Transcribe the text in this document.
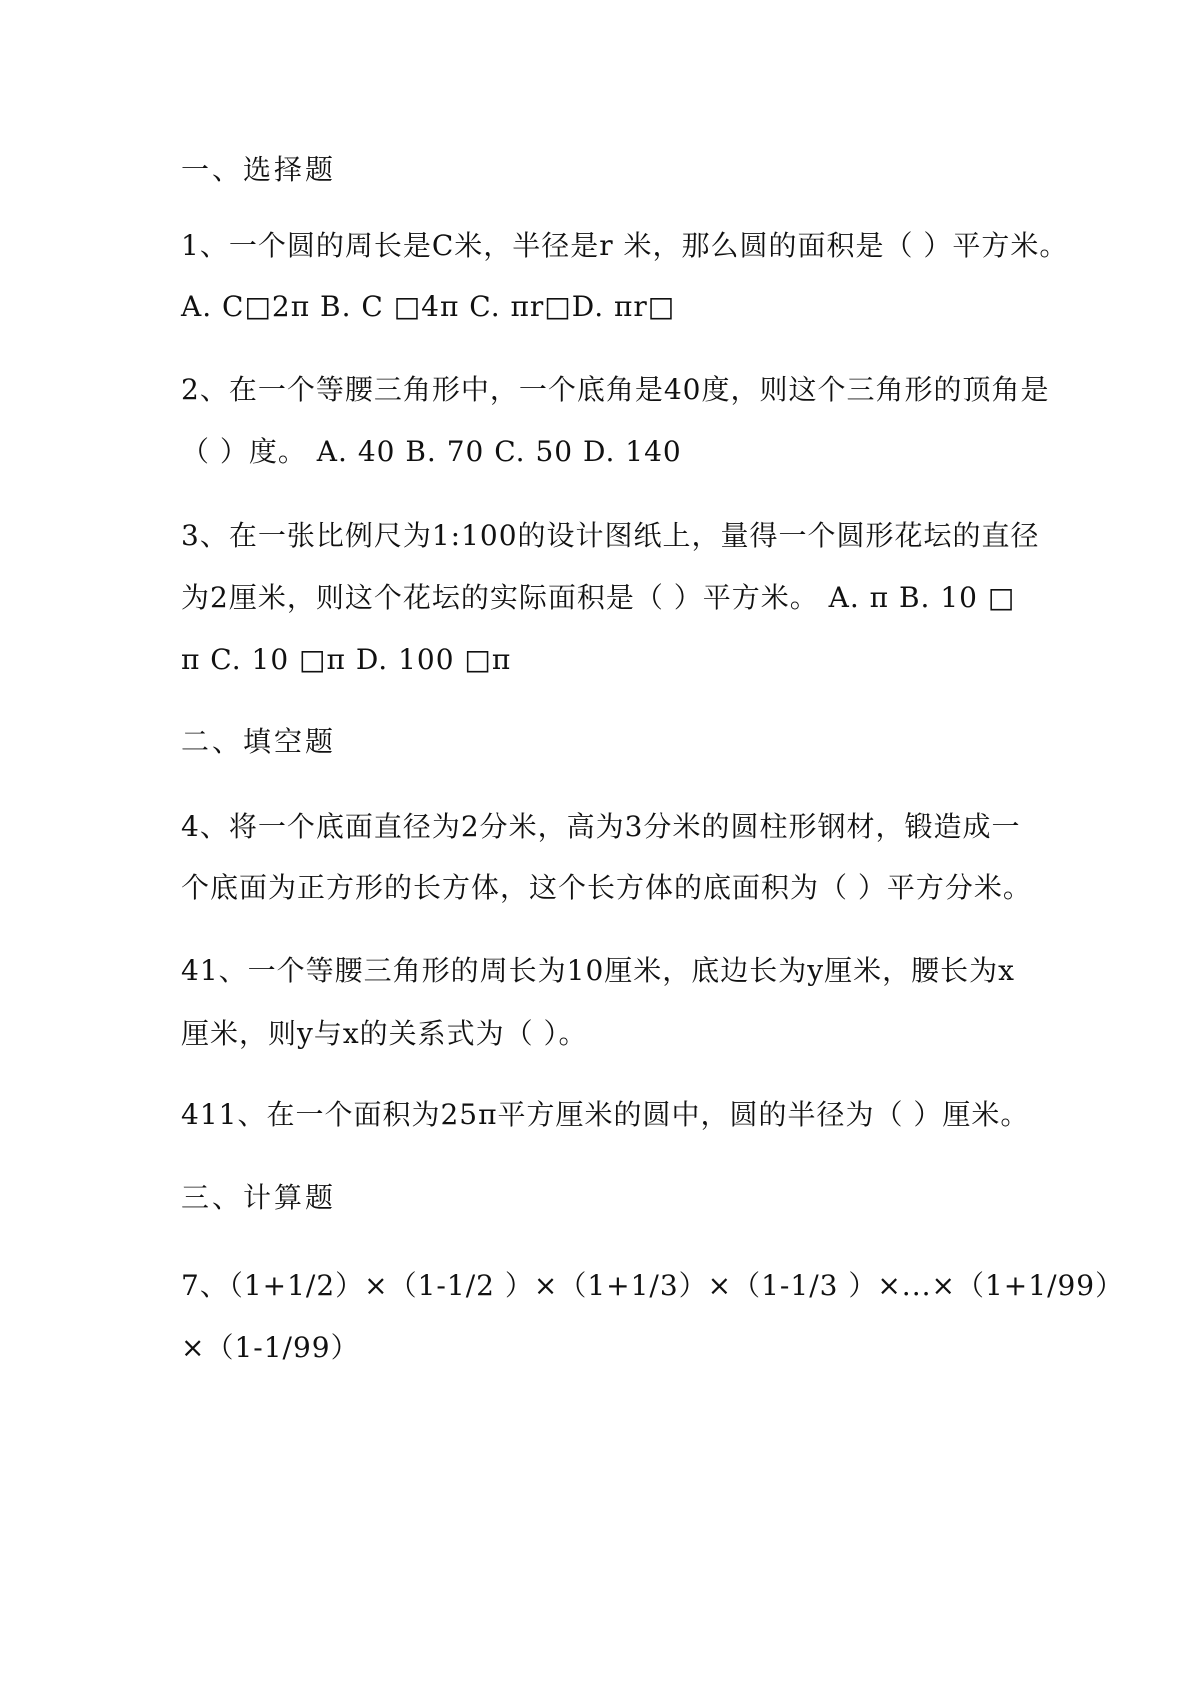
一、选择题
1、一个圆的周长是C米，半径是r 米，那么圆的面积是（ ）平方米。
A. C□2π B. C □4π C. πr□D. πr□
2、在一个等腰三角形中，一个底角是40度，则这个三角形的顶角是
（ ）度。 A. 40 B. 70 C. 50 D. 140
3、在一张比例尺为1:100的设计图纸上，量得一个圆形花坛的直径
为2厘米，则这个花坛的实际面积是（ ）平方米。 A. π B. 10 □
π C. 10 □π D. 100 □π
二、填空题
4、将一个底面直径为2分米，高为3分米的圆柱形钢材，锻造成一
个底面为正方形的长方体，这个长方体的底面积为（ ）平方分米。
41、一个等腰三角形的周长为10厘米，底边长为y厘米，腰长为x
厘米，则y与x的关系式为（ ）。
411、在一个面积为25π平方厘米的圆中，圆的半径为（ ）厘米。
三、计算题
7、（1+1/2）×（1-1/2 ）×（1+1/3）×（1-1/3 ）×...×（1+1/99）
×（1-1/99）
